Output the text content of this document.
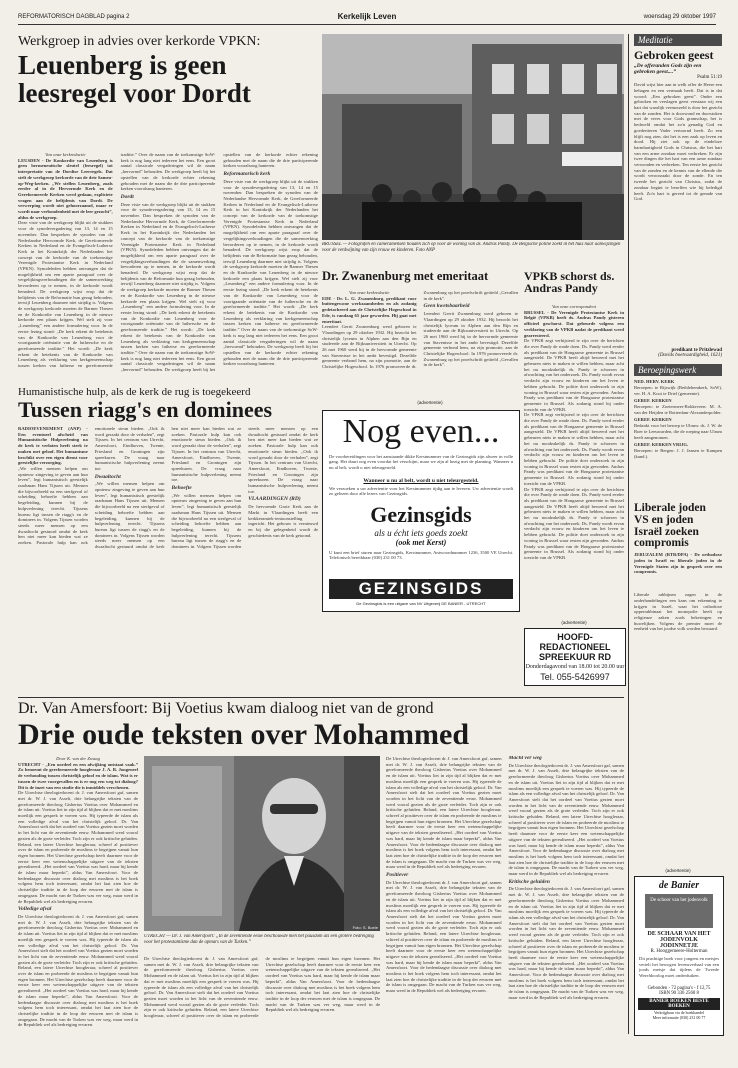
REFORMATORISCH DAGBLAD pagina 2	Kerkelijk Leven	woensdag 29 oktober 1997
Werkgroep in advies over kerkorde VPKN:
Leuenberg is geen leesregel voor Dordt
Van onze kerkredactie
LEUSDEN - De Konkordie van Leuenberg is geen hermeneutische sleutel (leesregel) tot interpretatie van de Dordtse Leerregels. Dat stelt de werkgroep kerkorde van de drie Samen-op-Weg-kerken. „We stellen Leuenberg, zoals eerder al in de Hervormde Kerk en de Gereformeerde Kerken werd gedaan, expliciete vragen aan de belijdenis van Dordt. De verwerping wordt niet gehoorzaamd, maar er wordt naar verbondenheid met de leer gezocht”, aldus de werkgroep.
Deze visie van de werkgroep blijkt uit de stukken voor de synodevergadering van 13, 14 en 15 november. Dan bespreken de synoden van de Nederlandse Hervormde Kerk, de Gereformeerde Kerken in Nederland en de Evangelisch-Lutherse Kerk in het Koninkrijk der Nederlanden het concept van de kerkorde van de toekomstige Verenigde Protestantse Kerk in Nederland (VPKN). Synodeleden hebben ontvangen dat de mogelijkheid om een aparte paragraaf over de vergelijkingsverhoudingen die de samenwerking bevorderen op te nemen, in de kerkorde wordt benaderd. De werkgroep wijst erop dat de belijdenis van de Reformatie hun gezag behouden, terwijl Leuenberg daarmee niet strijdig is. Volgens de werkgroep kerkorde moeten de Barmer Thesen en de Konkordie van Leuenberg in de nieuwe kerkorde een plaats krijgen. Wel stelt zij voor „Leuenberg” een andere formulering voor. In de eerste lezing stond: „De kerk erkent de betekenis van de Konkordie van Leuenberg voor de voortgaande oriëntatie van de luthersche en de gereformeerde traditie.” Het wordt: „De kerk erkent de betekenis van de Konkordie van Leuenberg als verklaring van kerkgemeenschap tussen kerken van lutherse en gereformeerde traditie.” Over de naam van de toekomstige SoW-kerk is nog lang niet iedereen het eens. Een groot aantal classicale vergaderingen wil de naam „hervormd” behouden. De werkgroep heeft bij het opstellen van de kerkorde echter rekening gehouden met de naam die de drie participerende kerken vooralsnog hanteren.
Dordt
Deze visie van de werkgroep blijkt uit de stukken voor de synodevergadering van 13, 14 en 15 november. Dan bespreken de synoden van de Nederlandse Hervormde Kerk, de Gereformeerde Kerken in Nederland en de Evangelisch-Lutherse Kerk in het Koninkrijk der Nederlanden het concept van de kerkorde van de toekomstige Verenigde Protestantse Kerk in Nederland (VPKN). Synodeleden hebben ontvangen dat de mogelijkheid om een aparte paragraaf over de vergelijkingsverhoudingen die de samenwerking bevorderen op te nemen, in de kerkorde wordt benaderd. De werkgroep wijst erop dat de belijdenis van de Reformatie hun gezag behouden, terwijl Leuenberg daarmee niet strijdig is. Volgens de werkgroep kerkorde moeten de Barmer Thesen en de Konkordie van Leuenberg in de nieuwe kerkorde een plaats krijgen. Wel stelt zij voor „Leuenberg” een andere formulering voor. In de eerste lezing stond: „De kerk erkent de betekenis van de Konkordie van Leuenberg voor de voortgaande oriëntatie van de luthersche en de gereformeerde traditie.” Het wordt: „De kerk erkent de betekenis van de Konkordie van Leuenberg als verklaring van kerkgemeenschap tussen kerken van lutherse en gereformeerde traditie.” Over de naam van de toekomstige SoW-kerk is nog lang niet iedereen het eens. Een groot aantal classicale vergaderingen wil de naam „hervormd” behouden. De werkgroep heeft bij het opstellen van de kerkorde echter rekening gehouden met de naam die de drie participerende kerken vooralsnog hanteren.
Reformatorisch kerk
Deze visie van de werkgroep blijkt uit de stukken voor de synodevergadering van 13, 14 en 15 november. Dan bespreken de synoden van de Nederlandse Hervormde Kerk, de Gereformeerde Kerken in Nederland en de Evangelisch-Lutherse Kerk in het Koninkrijk der Nederlanden het concept van de kerkorde van de toekomstige Verenigde Protestantse Kerk in Nederland (VPKN). Synodeleden hebben ontvangen dat de mogelijkheid om een aparte paragraaf over de vergelijkingsverhoudingen die de samenwerking bevorderen op te nemen, in de kerkorde wordt benaderd. De werkgroep wijst erop dat de belijdenis van de Reformatie hun gezag behouden, terwijl Leuenberg daarmee niet strijdig is. Volgens de werkgroep kerkorde moeten de Barmer Thesen en de Konkordie van Leuenberg in de nieuwe kerkorde een plaats krijgen. Wel stelt zij voor „Leuenberg” een andere formulering voor. In de eerste lezing stond: „De kerk erkent de betekenis van de Konkordie van Leuenberg voor de voortgaande oriëntatie van de luthersche en de gereformeerde traditie.” Het wordt: „De kerk erkent de betekenis van de Konkordie van Leuenberg als verklaring van kerkgemeenschap tussen kerken van lutherse en gereformeerde traditie.” Over de naam van de toekomstige SoW-kerk is nog lang niet iedereen het eens. Een groot aantal classicale vergaderingen wil de naam „hervormd” behouden. De werkgroep heeft bij het opstellen van de kerkorde echter rekening gehouden met de naam die de drie participerende kerken vooralsnog hanteren.
BRUSSEL — Fotografen en cameramensen houden zich op voor de woning van ds. Andras Pandy. De Belgische politie zoekt in het huis naar aanwijzingen voor de verdwijning van zijn vrouw en kinderen. Foto ANP
Dr. Zwanenburg met emeritaat
Van onze kerkredactie
EDE - Dr. L. G. Zwanenburg, predikant voor buitengewone werkzaamheden en als zodanig gedetacheerd aan de Christelijke Hogeschool in Ede, is vandaag 65 jaar geworden. Hij gaat met emeritaat.
Leendert Gerrit Zwanenburg werd geboren te Vlaardingen op 29 oktober 1932. Hij bezocht het christelijk lyceum in Alphen aan den Rijn en studeerde aan de Rijksuniversiteit in Utrecht. Op 26 mei 1960 werd hij in de hervormde gemeente van Stavenisse in het ambt bevestigd. Dezelfde gemeente verbond hem, na zijn promotie, aan de Christelijke Hogeschool. In 1976 promoveerde dr. Zwanenburg op het proefschrift getiteld „Gevallen in de kerk”.
Geen kwetsbaarheid
Leendert Gerrit Zwanenburg werd geboren te Vlaardingen op 29 oktober 1932. Hij bezocht het christelijk lyceum in Alphen aan den Rijn en studeerde aan de Rijksuniversiteit in Utrecht. Op 26 mei 1960 werd hij in de hervormde gemeente van Stavenisse in het ambt bevestigd. Dezelfde gemeente verbond hem, na zijn promotie, aan de Christelijke Hogeschool. In 1976 promoveerde dr. Zwanenburg op het proefschrift getiteld „Gevallen in de kerk”.
(advertentie)
VPKB schorst ds. Andras Pandy
Van onze correspondent
BRUSSEL - De Verenigde Protestantse Kerk in België (VPKB) heeft ds. Andras Pandy gisteren officieel geschorst. Dat gebeurde volgens een verklaring van de VPKB nadat de predikant werd gearresteerd.
De VPKB zegt verbijsterd te zijn over de berichten die over Pandy de ronde doen. Ds. Pandy werd eerder als predikant van de Hongaarse gemeente in Brussel aangesteld. De VPKB heeft altijd beweerd met het gebeuren niets te maken te willen hebben, maar acht het nu noodzakelijk ds. Pandy te schorsen in afwachting van het onderzoek. Ds. Pandy wordt ervan verdacht zijn vrouw en kinderen om het leven te hebben gebracht. De politie doet onderzoek in zijn woning in Brussel waar resten zijn gevonden. Andras Pandy was predikant van de Hongaarse protestantse gemeente in Brussel. Als zodanig stond hij onder toezicht van de VPKB.
De VPKB zegt verbijsterd te zijn over de berichten die over Pandy de ronde doen. Ds. Pandy werd eerder als predikant van de Hongaarse gemeente in Brussel aangesteld. De VPKB heeft altijd beweerd met het gebeuren niets te maken te willen hebben, maar acht het nu noodzakelijk ds. Pandy te schorsen in afwachting van het onderzoek. Ds. Pandy wordt ervan verdacht zijn vrouw en kinderen om het leven te hebben gebracht. De politie doet onderzoek in zijn woning in Brussel waar resten zijn gevonden. Andras Pandy was predikant van de Hongaarse protestantse gemeente in Brussel. Als zodanig stond hij onder toezicht van de VPKB.
De VPKB zegt verbijsterd te zijn over de berichten die over Pandy de ronde doen. Ds. Pandy werd eerder als predikant van de Hongaarse gemeente in Brussel aangesteld. De VPKB heeft altijd beweerd met het gebeuren niets te maken te willen hebben, maar acht het nu noodzakelijk ds. Pandy te schorsen in afwachting van het onderzoek. Ds. Pandy wordt ervan verdacht zijn vrouw en kinderen om het leven te hebben gebracht. De politie doet onderzoek in zijn woning in Brussel waar resten zijn gevonden. Andras Pandy was predikant van de Hongaarse protestantse gemeente in Brussel. Als zodanig stond hij onder toezicht van de VPKB.
Nog even...
De voorbereidingen voor het aanstaande dikke Kerstnummer van de Gezinsgids zijn alweer in volle gang. Het duurt nog even voordat het verschijnt, maar we zijn al bezig met de planning. Wanneer u nu al belt, wordt u niet teleurgesteld.
Wanneer u nu al belt, wordt u niet teleurgesteld.
We verzoeken u uw advertentie voor het Kerstnummer tijdig aan te leveren. Uw advertentie wordt zo gelezen door alle lezers van Gezinsgids.
Gezinsgids
als u écht iets goeds zoekt
(ook met Kerst)
U kunt een brief sturen naar Gezinsgids, Kerstnummer, Antwoordnummer 1236, 3500 VE Utrecht. Telefonisch bereikbaar (030) 231 00 73.
GEZINSGIDS
De Gezinsgids is een uitgave van NV Uitgeverij DE BANIER - UTRECHT
(advertentie)
HOOFD-REDACTIONEEL SPREEKUUR RD
Donderdagavond van 18.00 tot 20.00 uur
Tel. 055-5426997
Humanistische hulp, als de kerk de rug is toegekeerd
Tussen riagg's en dominees
RADIOEVENEMENT (ANP) - Een eventueel afscheid van Humanistische Hulpverlening na de kerk te verlaten heeft sterk te maken met geloof. Het humanisme beschikt over een eigen dienst voor geestelijke verzorging.
„We willen mensen helpen om opnieuw zingeving te geven aan hun leven”, legt humanistisch geestelijk raadsman Hans Tijssen uit. Mensen die bijvoorbeeld na een sterfgeval of scheiding behoefte hebben aan begeleiding, kunnen bij de hulpverlening terecht. Tijssens bureau ligt tussen de riagg's en de dominees in. Volgens Tijssen worden steeds meer mensen op een dwaaltocht gestuurd omdat de kerk hen niet meer kan bieden wat ze zoeken. Pastorale hulp kan ook emotionele steun bieden. „Ook ik word geraakt door de verhalen”, zegt Tijssen. In het centrum van Utrecht, Amersfoort, Eindhoven, Twente, Friesland en Groningen zijn spreekuren. De vraag naar humanistische hulpverlening neemt toe.
Dwaaltocht
„We willen mensen helpen om opnieuw zingeving te geven aan hun leven”, legt humanistisch geestelijk raadsman Hans Tijssen uit. Mensen die bijvoorbeeld na een sterfgeval of scheiding behoefte hebben aan begeleiding, kunnen bij de hulpverlening terecht. Tijssens bureau ligt tussen de riagg's en de dominees in. Volgens Tijssen worden steeds meer mensen op een dwaaltocht gestuurd omdat de kerk hen niet meer kan bieden wat ze zoeken. Pastorale hulp kan ook emotionele steun bieden. „Ook ik word geraakt door de verhalen”, zegt Tijssen. In het centrum van Utrecht, Amersfoort, Eindhoven, Twente, Friesland en Groningen zijn spreekuren. De vraag naar humanistische hulpverlening neemt toe.
Behoefte
„We willen mensen helpen om opnieuw zingeving te geven aan hun leven”, legt humanistisch geestelijk raadsman Hans Tijssen uit. Mensen die bijvoorbeeld na een sterfgeval of scheiding behoefte hebben aan begeleiding, kunnen bij de hulpverlening terecht. Tijssens bureau ligt tussen de riagg's en de dominees in. Volgens Tijssen worden steeds meer mensen op een dwaaltocht gestuurd omdat de kerk hen niet meer kan bieden wat ze zoeken. Pastorale hulp kan ook emotionele steun bieden. „Ook ik word geraakt door de verhalen”, zegt Tijssen. In het centrum van Utrecht, Amersfoort, Eindhoven, Twente, Friesland en Groningen zijn spreekuren. De vraag naar humanistische hulpverlening neemt toe.
VLAARDINGEN (RD)
De hervormde Grote Kerk aan de Markt in Vlaardingen heeft een kerkkeramiek-tentoonstelling ingericht. Het gebouw is vernieuwd en bij die gelegenheid wordt de geschiedenis van de kerk getoond.
Dr. Van Amersfoort: Bij Voetius kwam dialoog niet van de grond
Drie oude teksten over Mohammed
Door K. van der Zwaag
UTRECHT - „Een oordeel en een afwijking ontstaat vaak.” Zo benoemt de gereformeerde hoogleraar J. A. B. Jongeneel de verhouding tussen christelijk geloof en de islam. Wat is er tussen de twee voorgevallen en is er nog een weg tot dialoog? Dit is de inzet van een studie die is inmiddels verschenen.
De Utrechtse theologiedocent dr. J. van Amersfoort gaf, samen met dr. W. J. van Asselt, drie belangrijke teksten van de gereformeerde theoloog Gisbertus Voetius over Mohammed en de islam uit. Voetius liet in zijn tijd al blijken dat er met moslims moeilijk een gesprek te voeren was. Hij typeerde de islam als een volledige afval van het christelijk geloof. Dr. Van Amersfoort stelt dat het oordeel van Voetius gezien moet worden in het licht van de zeventiende eeuw. Mohammed werd vooral gezien als de grote verleider. Toch zijn er ook kritische geluiden. Reland, een latere Utrechtse hoogleraar, schreef al positiever over de islam en probeerde de moslims te begrijpen vanuit hun eigen bronnen. Het Utrechtse gezelschap heeft daarmee voor de eerste keer een wetenschappelijke uitgave van de teksten gerealiseerd. „Het oordeel van Voetius was hard, maar hij kende de islam maar beperkt”, aldus Van Amersfoort. Voor de hedendaagse discussie over dialoog met moslims is het boek volgens hem toch interessant, omdat het laat zien hoe de christelijke traditie in de loop der eeuwen met de islam is omgegaan. De macht van de Turken was ver weg, maar werd in de Republiek wel als bedreiging ervaren.
Volledige afval
De Utrechtse theologiedocent dr. J. van Amersfoort gaf, samen met dr. W. J. van Asselt, drie belangrijke teksten van de gereformeerde theoloog Gisbertus Voetius over Mohammed en de islam uit. Voetius liet in zijn tijd al blijken dat er met moslims moeilijk een gesprek te voeren was. Hij typeerde de islam als een volledige afval van het christelijk geloof. Dr. Van Amersfoort stelt dat het oordeel van Voetius gezien moet worden in het licht van de zeventiende eeuw. Mohammed werd vooral gezien als de grote verleider. Toch zijn er ook kritische geluiden. Reland, een latere Utrechtse hoogleraar, schreef al positiever over de islam en probeerde de moslims te begrijpen vanuit hun eigen bronnen. Het Utrechtse gezelschap heeft daarmee voor de eerste keer een wetenschappelijke uitgave van de teksten gerealiseerd. „Het oordeel van Voetius was hard, maar hij kende de islam maar beperkt”, aldus Van Amersfoort. Voor de hedendaagse discussie over dialoog met moslims is het boek volgens hem toch interessant, omdat het laat zien hoe de christelijke traditie in de loop der eeuwen met de islam is omgegaan. De macht van de Turken was ver weg, maar werd in de Republiek wel als bedreiging ervaren.
UTRECHT — Dr. J. van Amersfoort: „In de zeventiende eeuw beschouwde men het pausdom als een grotere bedreiging voor het protestantisme dan de opmars van de Turken.”
Foto: S. Boele
De Utrechtse theologiedocent dr. J. van Amersfoort gaf, samen met dr. W. J. van Asselt, drie belangrijke teksten van de gereformeerde theoloog Gisbertus Voetius over Mohammed en de islam uit. Voetius liet in zijn tijd al blijken dat er met moslims moeilijk een gesprek te voeren was. Hij typeerde de islam als een volledige afval van het christelijk geloof. Dr. Van Amersfoort stelt dat het oordeel van Voetius gezien moet worden in het licht van de zeventiende eeuw. Mohammed werd vooral gezien als de grote verleider. Toch zijn er ook kritische geluiden. Reland, een latere Utrechtse hoogleraar, schreef al positiever over de islam en probeerde de moslims te begrijpen vanuit hun eigen bronnen. Het Utrechtse gezelschap heeft daarmee voor de eerste keer een wetenschappelijke uitgave van de teksten gerealiseerd. „Het oordeel van Voetius was hard, maar hij kende de islam maar beperkt”, aldus Van Amersfoort. Voor de hedendaagse discussie over dialoog met moslims is het boek volgens hem toch interessant, omdat het laat zien hoe de christelijke traditie in de loop der eeuwen met de islam is omgegaan. De macht van de Turken was ver weg, maar werd in de Republiek wel als bedreiging ervaren.
De Utrechtse theologiedocent dr. J. van Amersfoort gaf, samen met dr. W. J. van Asselt, drie belangrijke teksten van de gereformeerde theoloog Gisbertus Voetius over Mohammed en de islam uit. Voetius liet in zijn tijd al blijken dat er met moslims moeilijk een gesprek te voeren was. Hij typeerde de islam als een volledige afval van het christelijk geloof. Dr. Van Amersfoort stelt dat het oordeel van Voetius gezien moet worden in het licht van de zeventiende eeuw. Mohammed werd vooral gezien als de grote verleider. Toch zijn er ook kritische geluiden. Reland, een latere Utrechtse hoogleraar, schreef al positiever over de islam en probeerde de moslims te begrijpen vanuit hun eigen bronnen. Het Utrechtse gezelschap heeft daarmee voor de eerste keer een wetenschappelijke uitgave van de teksten gerealiseerd. „Het oordeel van Voetius was hard, maar hij kende de islam maar beperkt”, aldus Van Amersfoort. Voor de hedendaagse discussie over dialoog met moslims is het boek volgens hem toch interessant, omdat het laat zien hoe de christelijke traditie in de loop der eeuwen met de islam is omgegaan. De macht van de Turken was ver weg, maar werd in de Republiek wel als bedreiging ervaren.
Positiever
De Utrechtse theologiedocent dr. J. van Amersfoort gaf, samen met dr. W. J. van Asselt, drie belangrijke teksten van de gereformeerde theoloog Gisbertus Voetius over Mohammed en de islam uit. Voetius liet in zijn tijd al blijken dat er met moslims moeilijk een gesprek te voeren was. Hij typeerde de islam als een volledige afval van het christelijk geloof. Dr. Van Amersfoort stelt dat het oordeel van Voetius gezien moet worden in het licht van de zeventiende eeuw. Mohammed werd vooral gezien als de grote verleider. Toch zijn er ook kritische geluiden. Reland, een latere Utrechtse hoogleraar, schreef al positiever over de islam en probeerde de moslims te begrijpen vanuit hun eigen bronnen. Het Utrechtse gezelschap heeft daarmee voor de eerste keer een wetenschappelijke uitgave van de teksten gerealiseerd. „Het oordeel van Voetius was hard, maar hij kende de islam maar beperkt”, aldus Van Amersfoort. Voor de hedendaagse discussie over dialoog met moslims is het boek volgens hem toch interessant, omdat het laat zien hoe de christelijke traditie in de loop der eeuwen met de islam is omgegaan. De macht van de Turken was ver weg, maar werd in de Republiek wel als bedreiging ervaren.
Macht ver weg
De Utrechtse theologiedocent dr. J. van Amersfoort gaf, samen met dr. W. J. van Asselt, drie belangrijke teksten van de gereformeerde theoloog Gisbertus Voetius over Mohammed en de islam uit. Voetius liet in zijn tijd al blijken dat er met moslims moeilijk een gesprek te voeren was. Hij typeerde de islam als een volledige afval van het christelijk geloof. Dr. Van Amersfoort stelt dat het oordeel van Voetius gezien moet worden in het licht van de zeventiende eeuw. Mohammed werd vooral gezien als de grote verleider. Toch zijn er ook kritische geluiden. Reland, een latere Utrechtse hoogleraar, schreef al positiever over de islam en probeerde de moslims te begrijpen vanuit hun eigen bronnen. Het Utrechtse gezelschap heeft daarmee voor de eerste keer een wetenschappelijke uitgave van de teksten gerealiseerd. „Het oordeel van Voetius was hard, maar hij kende de islam maar beperkt”, aldus Van Amersfoort. Voor de hedendaagse discussie over dialoog met moslims is het boek volgens hem toch interessant, omdat het laat zien hoe de christelijke traditie in de loop der eeuwen met de islam is omgegaan. De macht van de Turken was ver weg, maar werd in de Republiek wel als bedreiging ervaren.
Kritische geluiden
De Utrechtse theologiedocent dr. J. van Amersfoort gaf, samen met dr. W. J. van Asselt, drie belangrijke teksten van de gereformeerde theoloog Gisbertus Voetius over Mohammed en de islam uit. Voetius liet in zijn tijd al blijken dat er met moslims moeilijk een gesprek te voeren was. Hij typeerde de islam als een volledige afval van het christelijk geloof. Dr. Van Amersfoort stelt dat het oordeel van Voetius gezien moet worden in het licht van de zeventiende eeuw. Mohammed werd vooral gezien als de grote verleider. Toch zijn er ook kritische geluiden. Reland, een latere Utrechtse hoogleraar, schreef al positiever over de islam en probeerde de moslims te begrijpen vanuit hun eigen bronnen. Het Utrechtse gezelschap heeft daarmee voor de eerste keer een wetenschappelijke uitgave van de teksten gerealiseerd. „Het oordeel van Voetius was hard, maar hij kende de islam maar beperkt”, aldus Van Amersfoort. Voor de hedendaagse discussie over dialoog met moslims is het boek volgens hem toch interessant, omdat het laat zien hoe de christelijke traditie in de loop der eeuwen met de islam is omgegaan. De macht van de Turken was ver weg, maar werd in de Republiek wel als bedreiging ervaren.
Meditatie
Gebroken geest
„De offeranden Gods zijn een gebroken geest....”
Psalm 51:19
David wijst hier aan in welk offer de Heere een behagen en een vermaak heeft. Dat is in dat woord: „Een gebroken geest”. Onder een gebroken en verslagen geest verstaan wij een hart dat waarlijk vermorzeld is door het gezicht van de zonden. Het is doorwond en doorstoken met de vrees voor Gods gramschap, het is bedroefd omdat het zo'n genadig God en goedertieren Vader vertoornd heeft. Zo een blijft nog zien, dat het is een zaak op leven en dood. Hij ziet ook op de eindeloze barmhartigheid Gods in Christus, die het hart van een arme zondaar moet verbreken. Er zijn twee dingen die het hart van een arme zondaar verwonden en verbreken. Ten eerste het gezicht van de zonden en de kennis van de ellende die wordt veroorzaakt door de zonde. En ten tweede het gezicht van Christus, zodat de zondaar begint te beseffen wie hij beledigd heeft. Zo'n hart is gereed tot de genade van God.
predikant te Pritzlewad
(Davids boetvaardigheid, 1621)
Beroepingswerk
NED. HERV. KERK
Beroepen: te Rijswijk (Bethlehemkerk, SoW), ver. H. A. Kooi te Driel (gemeente).
GEREF. KERKEN
Beroepen: te Zoetermeer-Rokkeveen: M. A. van der Heijden te Rotterdam-Alexanderpolder.
GEREF. KERKEN
Bedankt voor het beroep te Ulrum: ds. J. W. de Boer te Leeuwarden, die de roeping naar Ulrum heeft aangenomen.
GEREF. KERKEN VRIJG.
Beroepen: te Bergen: J. J. Jansen te Kampen (kand.).
Liberale joden VS en joden Israël zoeken compromis
JERUZALEM (RTR/DPA) - De orthodoxe joden in Israël en liberale joden in de Verenigde Staten zijn in gesprek over een compromis.
Liberale rabbijnen zagen in de onderhandelingen een kans om erkenning te krijgen in Israël, waar het orthodoxe opperrabbinaat het monopolie heeft op religieuze zaken zoals bekeringen en huwelijken. Volgens de premier moet de eenheid van het joodse volk worden bewaard.
(advertentie)
de Banier
De schoor van het jodenvolk
DE SCHAAR VAN HET JODENVOLK
JODINNETJE
R. Hooggemeere-Holterman
Dit prachtige boek voor jongens en meisjes vertelt het bewogen levensverhaal van een joods meisje dat tijdens de Tweede Wereldoorlog moet onderduiken.
Gebonden - 72 pagina's - f 12,75
ISBN 90 336 2560 8
BANIER BOEKEN BESTE BOEKEN
Verkrijgbaar via de boekhandel
Meer informatie (030) 231 00 77
